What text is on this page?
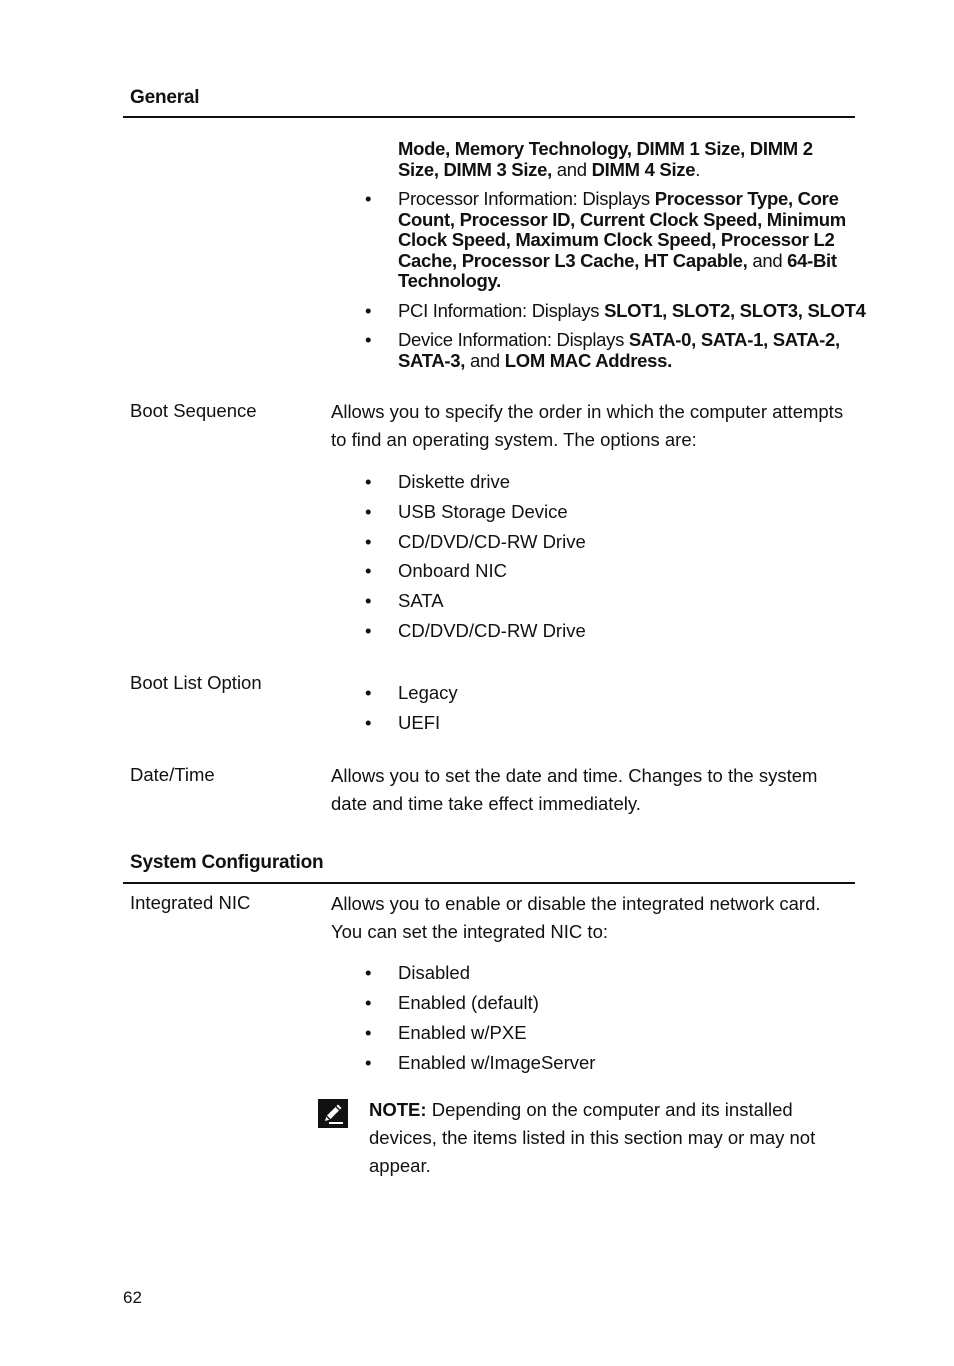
General
Mode, Memory Technology, DIMM 1 Size, DIMM 2 Size, DIMM 3 Size, and DIMM 4 Size.
• Processor Information: Displays Processor Type, Core Count, Processor ID, Current Clock Speed, Minimum Clock Speed, Maximum Clock Speed, Processor L2 Cache, Processor L3 Cache, HT Capable, and 64-Bit Technology.
• PCI Information: Displays SLOT1, SLOT2, SLOT3, SLOT4
• Device Information: Displays SATA-0, SATA-1, SATA-2, SATA-3, and LOM MAC Address.
Boot Sequence	Allows you to specify the order in which the computer attempts to find an operating system. The options are:
• Diskette drive
• USB Storage Device
• CD/DVD/CD-RW Drive
• Onboard NIC
• SATA
• CD/DVD/CD-RW Drive
Boot List Option
•	Legacy
• UEFI
Date/Time	Allows you to set the date and time. Changes to the system date and time take effect immediately.
System Configuration
Integrated NIC	Allows you to enable or disable the integrated network card. You can set the integrated NIC to:
• Disabled
• Enabled (default)
• Enabled w/PXE
• Enabled w/ImageServer
NOTE: Depending on the computer and its installed devices, the items listed in this section may or may not appear.
62
